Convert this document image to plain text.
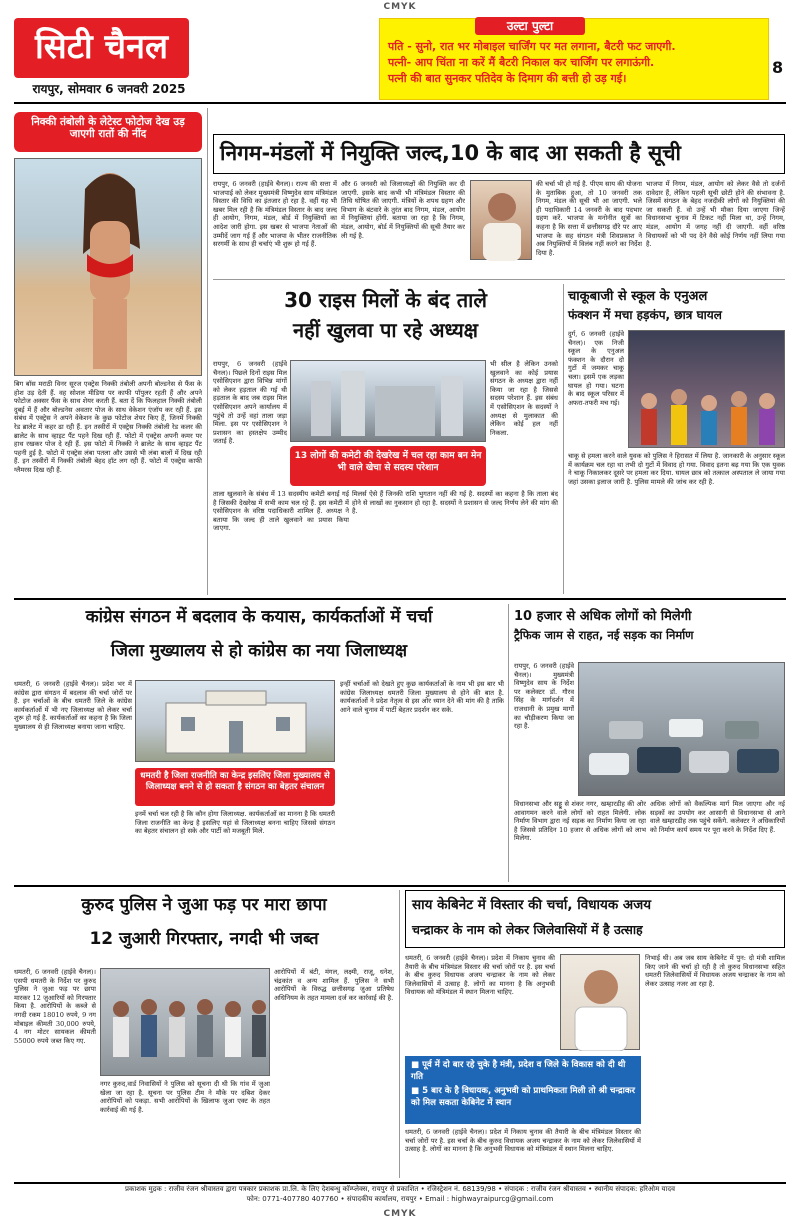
CMYK
सिटी चैनल
रायपुर, सोमवार 6 जनवरी 2025
उल्टा पुल्टा

पति - सुनो, रात भर मोबाइल चार्जिंग पर मत लगाना, बैटरी फट जाएगी.

पत्नी- आप चिंता ना करें मैं बैटरी निकाल कर चार्जिंग पर लगाऊंगी.

पत्नी की बात सुनकर पतिदेव के दिमाग की बत्ती हो उड़ गई।

8
निक्की तंबोली के लेटेस्ट फोटोज देख उड़ जाएगी रातों की नींद
बिग बॉस मराठी विनर सूरज एक्ट्रेस निक्की तंबोली अपनी बोल्डनेस से फैंस के होश उड़ देती हैं. वह सोशल मीडिया पर काफी पॉपुलर रहती हैं और अपने फोटोज अक्सर फैंस के साथ शेयर करती हैं. बता दें कि फिलहाल निक्की तंबोली दुबई में हैं और बोल्डनेस अवतार पोज के साथ वेकेशन एंजॉय कर रही हैं. इस संबंध में एक्ट्रेस ने अपने वेकेशन के कुछ फोटोज शेयर किए हैं, जिनमें निक्की रेड ब्रालेट में कहर ढा रही हैं. इन तस्वीरों में एक्ट्रेस निक्की तंबोली रेड कलर की ब्रालेट के साथ व्हाइट पैंट पहने दिख रही हैं. फोटो में एक्ट्रेस अपनी कमर पर हाथ रखकर पोज दे रही हैं. इस फोटो में निक्की ने ब्रालेट के साथ व्हाइट पैंट पहनी हुई है. फोटो में एक्ट्रेस लंबा पतला और उससे भी लंबा बालों में दिख रही हैं. इन तस्वीरों में निक्की तंबोली बेहद हॉट लग रही हैं. फोटो में एक्ट्रेस काफी ग्लैमरस दिख रही हैं.
निगम-मंडलों में नियुक्ति जल्द,10 के बाद आ सकती है सूची
रायपुर, 6 जनवरी (हाईवे चैनल)। राज्य की सत्ता में भाजपाई को लेकर मुख्यमंत्री विष्णुदेव साय मंत्रिमंडल विस्तार की विधि का इंतजार हो रहा है. वहीं यह भी खबर मिल रही है कि मंत्रिमंडल विस्तार के बाद जल्द ही आयोग, निगम, मंडल, बोर्ड में नियुक्तियों का आदेश जारी होगा. इस खबर से भाजपा नेताओं की उम्मीदें जाग गई हैं और भाजपा के भीतर राजनीतिक सरगर्मी के साथ ही चर्चाएं भी शुरू हो गई हैं.
और 6 जनवरी को जिलाध्यक्षों की नियुक्ति कर दी जाएगी. इसके बाद कभी भी मंत्रिमंडल विस्तार की तिथि घोषित की जाएगी. मंत्रियों के शपथ ग्रहण और विभाग के बंटवारे के तुरंत बाद निगम, मंडल, आयोग में नियुक्तियां होंगी. बताया जा रहा है कि निगम, मंडल, आयोग, बोर्ड में नियुक्तियों की सूची तैयार कर ली गई है.
की चर्चा भी हो गई है. पीएम साय की योजना के मुताबिक हुआ, तो 10 जनवरी तक निगम, मंडल की सूची भी आ जाएगी. भले ही पदाधिकारी 14 जनवरी के बाद पदभार ग्रहण करें. भाजपा के मनोनीत सूत्रों का कहना है कि सत्ता में छत्तीसगढ़ दौरे पर आए भाजपा के सह संगठन मंत्री शिवप्रकाश ने अब नियुक्तियों में विलंब नहीं करने का निर्देश दिया है.
भाजपा में निगम, मंडल, आयोग को लेकर वैसे तो दर्जनों दावेदार हैं, लेकिन पहली सूची छोटी होने की संभावना है. जिसमें संगठन के बेहद नजदीकी लोगों को नियुक्तियां की जा सकती हैं. वो उन्हें भी मौका दिया जाएगा जिन्हें विधानसभा चुनाव में टिकट नहीं मिला था, उन्हें निगम, मंडल, आयोग में जगह नहीं दी जाएगी. वहीं वरिष्ठ विधायकों को भी पद देने वैसे कोई निर्णय नहीं लिया गया है.
30 राइस मिलों के बंद ताले
नहीं खुलवा पा रहे अध्यक्ष
रायपुर, 6 जनवरी (हाईवे चैनल)। पिछले दिनों राइस मिल एसोसिएशन द्वारा विभिन्न मांगों को लेकर हड़ताल की गई थी हड़ताल के बाद जब राइस मिल एसोसिएशन अपने कार्यालय में पहुंचे तो उन्हें वहां ताला जड़ा मिला. इस पर एसोसिएशन ने प्रशासन का हस्तक्षेप उम्मीद जताई है.
13 लोगों की कमेटी की देखरेख में चल रहा काम बन मेन भी वाले खेचा से सदस्य परेशान
ताला खुलवाने के संबंध में 13 सदस्यीय कमेटी बनाई गई है जिसकी देखरेख में सभी काम चल रहे हैं. इस कमेटी में एसोसिएशन के वरिष्ठ पदाधिकारी शामिल हैं. अध्यक्ष ने बताया कि जल्द ही ताले खुलवाने का प्रयास किया जाएगा.
भी सील है लेकिन उनको खुलवाने का कोई प्रयास संगठन के अध्यक्ष द्वारा नहीं किया जा रहा है जिससे सदस्य परेशान हैं. इस संबंध में एसोसिएशन के सदस्यों ने अध्यक्ष से मुलाकात की लेकिन कोई हल नहीं निकला.
मिलर्स ऐसे हैं जिनकी राशि भुगतान नहीं की गई है. सदस्यों का कहना है कि ताला बंद होने से लाखों का नुकसान हो रहा है. सदस्यों ने प्रशासन से जल्द निर्णय लेने की मांग की है.
चाकूबाजी से स्कूल के एनुअल
फंक्शन में मचा हड़कंप, छात्र घायल
दुर्ग, 6 जनवरी (हाईवे चैनल)। एक निजी स्कूल के एनुअल फंक्शन के दौरान दो गुटों में जमकर चाकू चला। इसमें एक लड़का घायल हो गया। घटना के बाद स्कूल परिसर में अफरा-तफरी मच गई।
चाकू से हमला करने वाले युवक को पुलिस ने हिरासत में लिया है. जानकारी के अनुसार स्कूल में कार्यक्रम चल रहा था तभी दो गुटों में विवाद हो गया. विवाद इतना बढ़ गया कि एक युवक ने चाकू निकालकर दूसरे पर हमला कर दिया. घायल छात्र को तत्काल अस्पताल ले जाया गया जहां उसका इलाज जारी है. पुलिस मामले की जांच कर रही है.
कांग्रेस संगठन में बदलाव के कयास, कार्यकर्ताओं में चर्चा
जिला मुख्यालय से हो कांग्रेस का नया जिलाध्यक्ष
धमतरी, 6 जनवरी (हाईवे चैनल)। प्रदेश भर में कांग्रेस द्वारा संगठन में बदलाव की चर्चा जोरों पर है. इन चर्चाओं के बीच धमतरी जिले के कांग्रेस कार्यकर्ताओं में भी नए जिलाध्यक्ष को लेकर चर्चा शुरू हो गई है. कार्यकर्ताओं का कहना है कि जिला मुख्यालय से ही जिलाध्यक्ष बनाया जाना चाहिए.
धमतरी है जिला राजनीति का केन्द्र इसलिए जिला मुख्यालय से जिलाध्यक्ष बनने से हो सकता है संगठन का बेहतर संचालन
इनमें चर्चा चल रही है कि कौन होगा जिलाध्यक्ष. कार्यकर्ताओं का मानना है कि धमतरी जिला राजनीति का केन्द्र है इसलिए यहां से जिलाध्यक्ष बनना चाहिए जिससे संगठन का बेहतर संचालन हो सके और पार्टी को मजबूती मिले.
इन्हीं चर्चाओं को देखते हुए कुछ कार्यकर्ताओं के नाम भी इस बार भी कांग्रेस जिलाध्यक्ष धमतरी जिला मुख्यालय से होने की बात है. कार्यकर्ताओं ने प्रदेश नेतृत्व से इस ओर ध्यान देने की मांग की है ताकि आने वाले चुनाव में पार्टी बेहतर प्रदर्शन कर सके.
10 हजार से अधिक लोगों को मिलेगी
ट्रैफिक जाम से राहत, नई सड़क का निर्माण
रायपुर, 6 जनवरी (हाईवे चैनल)। मुख्यमंत्री विष्णुदेव साय के निर्देश पर कलेक्टर डॉ. गौरव सिंह के मार्गदर्शन में राजधानी के प्रमुख मार्गों का चौड़ीकरण किया जा रहा है.
विधानसभा और सड्डू से शंकर नगर, खम्हारडीह की ओर आवागमन करने वाले लोगों को राहत मिलेगी. लोक निर्माण विभाग द्वारा नई सड़क का निर्माण किया जा रहा है जिससे प्रतिदिन 10 हजार से अधिक लोगों को लाभ मिलेगा.
अधिक लोगों को वैकल्पिक मार्ग मिल जाएगा और नई सड़कों का उपयोग कर आसानी से विधानसभा से आने वाले खम्हारडीह तक पहुंचे सकेंगे. कलेक्टर ने अधिकारियों को निर्माण कार्य समय पर पूरा करने के निर्देश दिए हैं.
कुरुद पुलिस ने जुआ फड़ पर मारा छापा
12 जुआरी गिरफ्तार, नगदी भी जब्त
धमतरी, 6 जनवरी (हाईवे चैनल)। एसपी धमतरी के निर्देश पर कुरुद पुलिस ने जुआ फड़ पर छापा मारकर 12 जुआरियों को गिरफ्तार किया है. आरोपियों के कब्जे से नगदी रकम 18010 रुपये, 9 नग मोबाइल कीमती 30,000 रुपये, 4 नग मोटर सायकल कीमती 55000 रुपये जब्त किए गए.
नगर कुरुद,वार्ड निवासियों ने पुलिस को सूचना दी थी कि गांव में जुआ खेला जा रहा है. सूचना पर पुलिस टीम ने मौके पर दबिश देकर आरोपियों को पकड़ा. सभी आरोपियों के खिलाफ जुआ एक्ट के तहत कार्रवाई की गई है.
आरोपियों में बंटी, मंगल, लक्ष्मी, राजू, धनेश, चंद्रकांत व अन्य शामिल हैं. पुलिस ने सभी आरोपियों के विरुद्ध छत्तीसगढ़ जुआ प्रतिषेध अधिनियम के तहत मामला दर्ज कर कार्रवाई की है.
साय केबिनेट में विस्तार की चर्चा, विधायक अजय
चन्द्राकर के नाम को लेकर जिलेवासियों में है उत्साह
धमतरी, 6 जनवरी (हाईवे चैनल)। प्रदेश में निकाय चुनाव की तैयारी के बीच मंत्रिमंडल विस्तार की चर्चा जोरों पर है. इस चर्चा के बीच कुरुद विधायक अजय चन्द्राकर के नाम को लेकर जिलेवासियों में उत्साह है. लोगों का मानना है कि अनुभवी विधायक को मंत्रिमंडल में स्थान मिलना चाहिए.
निभाई थी। अब जब साय केबिनेट में पुन: दो मंत्री शामिल किए जाने की चर्चा हो रही है तो कुरुद विधानसभा सहित धमतरी जिलेवासियों में विधायक अजय चन्द्राकर के नाम को लेकर उत्साह नजर आ रहा है.
■ पूर्व में दो बार रहे चुके है मंत्री, प्रदेश व जिले के विकास को दी थी गति
■ 5 बार के है विधायक, अनुभवी को प्राथमिकता मिली तो श्री चन्द्राकर को मिल सकता केबिनेट में स्थान
धमतरी, 6 जनवरी (हाईवे चैनल)। प्रदेश में निकाय चुनाव की तैयारी के बीच मंत्रिमंडल विस्तार की चर्चा जोरों पर है. इस चर्चा के बीच कुरुद विधायक अजय चन्द्राकर के नाम को लेकर जिलेवासियों में उत्साह है. लोगों का मानना है कि अनुभवी विधायक को मंत्रिमंडल में स्थान मिलना चाहिए.
प्रकाशक मुद्रक : राजीव रंजन श्रीवास्तव द्वारा पत्रकार प्रकाशक प्रा.लि. के लिए देशबन्धु कॉम्प्लेक्स, रायपुर से प्रकाशित • रजिस्ट्रेशन नं. 68139/98 • संपादक : राजीव रंजन श्रीवास्तव • स्थानीय संपादक: हरिओम यादव
फोन: 0771-407780 407760 • संपादकीय कार्यालय, रायपुर • Email : highwayraipurcg@gmail.com
CMYK
